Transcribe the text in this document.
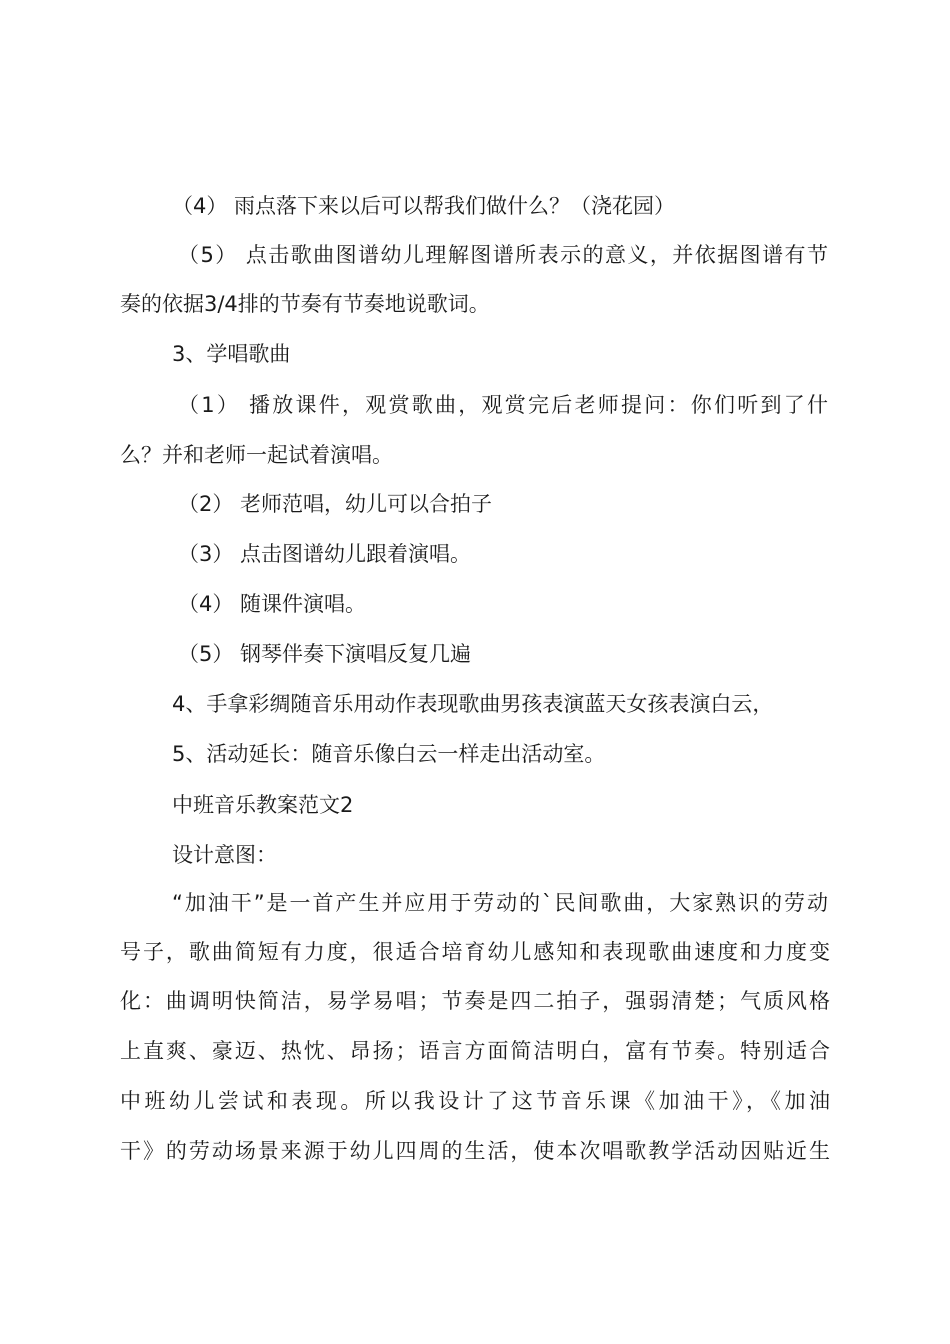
（4） 雨点落下来以后可以帮我们做什么？（浇花园）
（5） 点击歌曲图谱幼儿理解图谱所表示的意义，并依据图谱有节
奏的依据3/4排的节奏有节奏地说歌词。
3、学唱歌曲
（1） 播放课件，观赏歌曲，观赏完后老师提问：你们听到了什
么？并和老师一起试着演唱。
（2） 老师范唱，幼儿可以合拍子
（3） 点击图谱幼儿跟着演唱。
（4） 随课件演唱。
（5） 钢琴伴奏下演唱反复几遍
4、手拿彩绸随音乐用动作表现歌曲男孩表演蓝天女孩表演白云，
5、活动延长：随音乐像白云一样走出活动室。
中班音乐教案范文2
设计意图：
“加油干”是一首产生并应用于劳动的`民间歌曲，大家熟识的劳动
号子，歌曲简短有力度，很适合培育幼儿感知和表现歌曲速度和力度变
化：曲调明快简洁，易学易唱；节奏是四二拍子，强弱清楚；气质风格
上直爽、豪迈、热忱、昂扬；语言方面简洁明白，富有节奏。特别适合
中班幼儿尝试和表现。所以我设计了这节音乐课《加油干》，《加油
干》的劳动场景来源于幼儿四周的生活，使本次唱歌教学活动因贴近生
